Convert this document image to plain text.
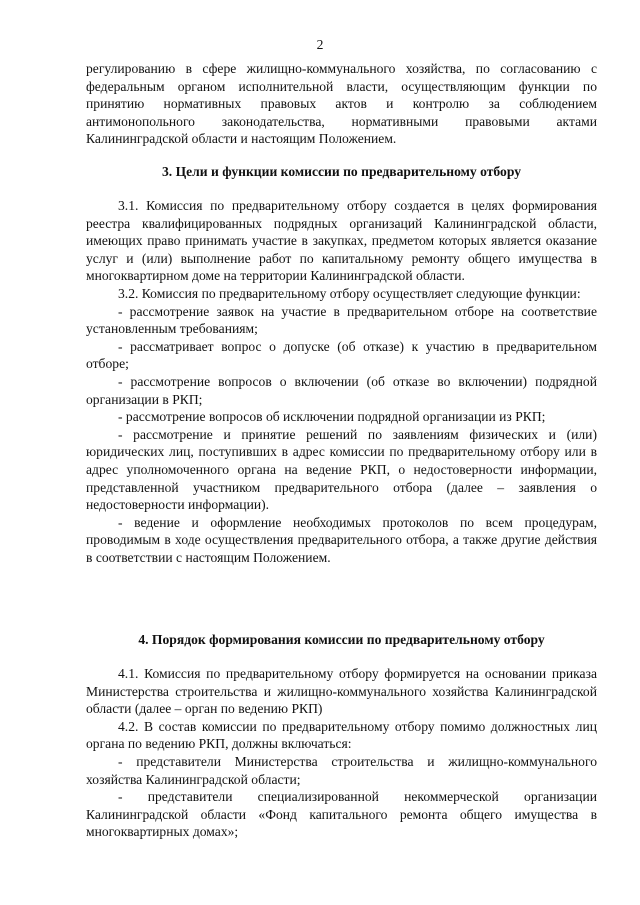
2

регулированию в сфере жилищно-коммунального хозяйства, по согласованию с федеральным органом исполнительной власти, осуществляющим функции по принятию нормативных правовых актов и контролю за соблюдением антимонопольного законодательства, нормативными правовыми актами Калининградской области и настоящим Положением.

3. Цели и функции комиссии по предварительному отбору

3.1. Комиссия по предварительному отбору создается в целях формирования реестра квалифицированных подрядных организаций Калининградской области, имеющих право принимать участие в закупках, предметом которых является оказание услуг и (или) выполнение работ по капитальному ремонту общего имущества в многоквартирном доме на территории Калининградской области.

3.2. Комиссия по предварительному отбору осуществляет следующие функции:

- рассмотрение заявок на участие в предварительном отборе на соответствие установленным требованиям;

- рассматривает вопрос о допуске (об отказе) к участию в предварительном отборе;

- рассмотрение вопросов о включении (об отказе во включении) подрядной организации в РКП;

- рассмотрение вопросов об исключении подрядной организации из РКП;

- рассмотрение и принятие решений по заявлениям физических и (или) юридических лиц, поступивших в адрес комиссии по предварительному отбору или в адрес уполномоченного органа на ведение РКП, о недостоверности информации, представленной участником предварительного отбора (далее – заявления о недостоверности информации).

- ведение и оформление необходимых протоколов по всем процедурам, проводимым в ходе осуществления предварительного отбора, а также другие действия в соответствии с настоящим Положением.

4. Порядок формирования комиссии по предварительному отбору

4.1. Комиссия по предварительному отбору формируется на основании приказа Министерства строительства и жилищно-коммунального хозяйства Калининградской области (далее – орган по ведению РКП)

4.2. В состав комиссии по предварительному отбору помимо должностных лиц органа по ведению РКП, должны включаться:

- представители Министерства строительства и жилищно-коммунального хозяйства Калининградской области;

- представители специализированной некоммерческой организации Калининградской области «Фонд капитального ремонта общего имущества в многоквартирных домах»;
